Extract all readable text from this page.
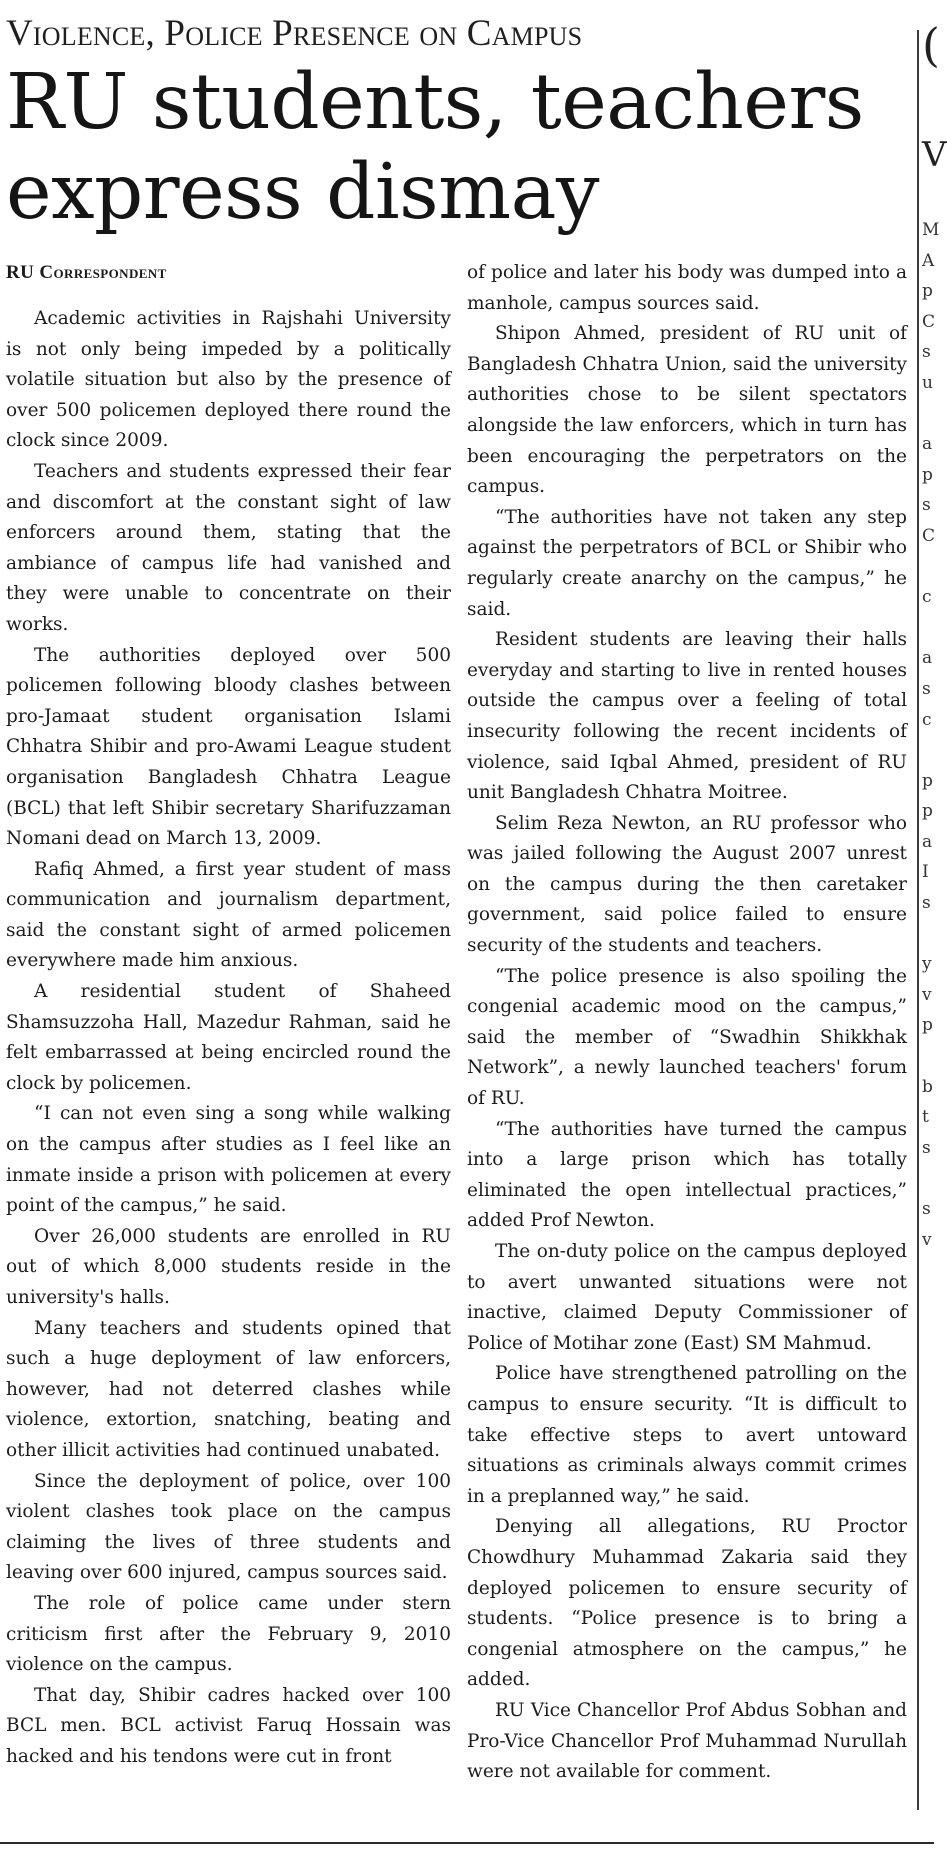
Violence, Police Presence on Campus
RU students, teachers
express dismay
RU Correspondent

Academic activities in Rajshahi University is not only being impeded by a politically volatile situation but also by the presence of over 500 policemen deployed there round the clock since 2009.

Teachers and students expressed their fear and discomfort at the constant sight of law enforcers around them, stating that the ambiance of campus life had vanished and they were unable to concentrate on their works.

The authorities deployed over 500 policemen following bloody clashes between pro-Jamaat student organisation Islami Chhatra Shibir and pro-Awami League student organisation Bangladesh Chhatra League (BCL) that left Shibir secretary Sharifuzzaman Nomani dead on March 13, 2009.

Rafiq Ahmed, a first year student of mass communication and journalism department, said the constant sight of armed policemen everywhere made him anxious.

A residential student of Shaheed Shamsuzzoha Hall, Mazedur Rahman, said he felt embarrassed at being encircled round the clock by policemen.

“I can not even sing a song while walking on the campus after studies as I feel like an inmate inside a prison with policemen at every point of the campus,” he said.

Over 26,000 students are enrolled in RU out of which 8,000 students reside in the university's halls.

Many teachers and students opined that such a huge deployment of law enforcers, however, had not deterred clashes while violence, extortion, snatching, beating and other illicit activities had continued unabated.

Since the deployment of police, over 100 violent clashes took place on the campus claiming the lives of three students and leaving over 600 injured, campus sources said.

The role of police came under stern criticism first after the February 9, 2010 violence on the campus.

That day, Shibir cadres hacked over 100 BCL men. BCL activist Faruq Hossain was hacked and his tendons were cut in front

of police and later his body was dumped into a manhole, campus sources said.

Shipon Ahmed, president of RU unit of Bangladesh Chhatra Union, said the university authorities chose to be silent spectators alongside the law enforcers, which in turn has been encouraging the perpetrators on the campus.

“The authorities have not taken any step against the perpetrators of BCL or Shibir who regularly create anarchy on the campus,” he said.

Resident students are leaving their halls everyday and starting to live in rented houses outside the campus over a feeling of total insecurity following the recent incidents of violence, said Iqbal Ahmed, president of RU unit Bangladesh Chhatra Moitree.

Selim Reza Newton, an RU professor who was jailed following the August 2007 unrest on the campus during the then caretaker government, said police failed to ensure security of the students and teachers.

“The police presence is also spoiling the congenial academic mood on the campus,” said the member of “Swadhin Shikkhak Network”, a newly launched teachers' forum of RU.

“The authorities have turned the campus into a large prison which has totally eliminated the open intellectual practices,” added Prof Newton.

The on-duty police on the campus deployed to avert unwanted situations were not inactive, claimed Deputy Commissioner of Police of Motihar zone (East) SM Mahmud.

Police have strengthened patrolling on the campus to ensure security. “It is difficult to take effective steps to avert untoward situations as criminals always commit crimes in a preplanned way,” he said.

Denying all allegations, RU Proctor Chowdhury Muhammad Zakaria said they deployed policemen to ensure security of students. “Police presence is to bring a congenial atmosphere on the campus,” he added.

RU Vice Chancellor Prof Abdus Sobhan and Pro-Vice Chancellor Prof Muhammad Nurullah were not available for comment.

(
V
M
A
p
C
s
u
a
p
s
C
c
a
s
c
p
p
a
I
s
y
v
p
b
t
s
s
v
